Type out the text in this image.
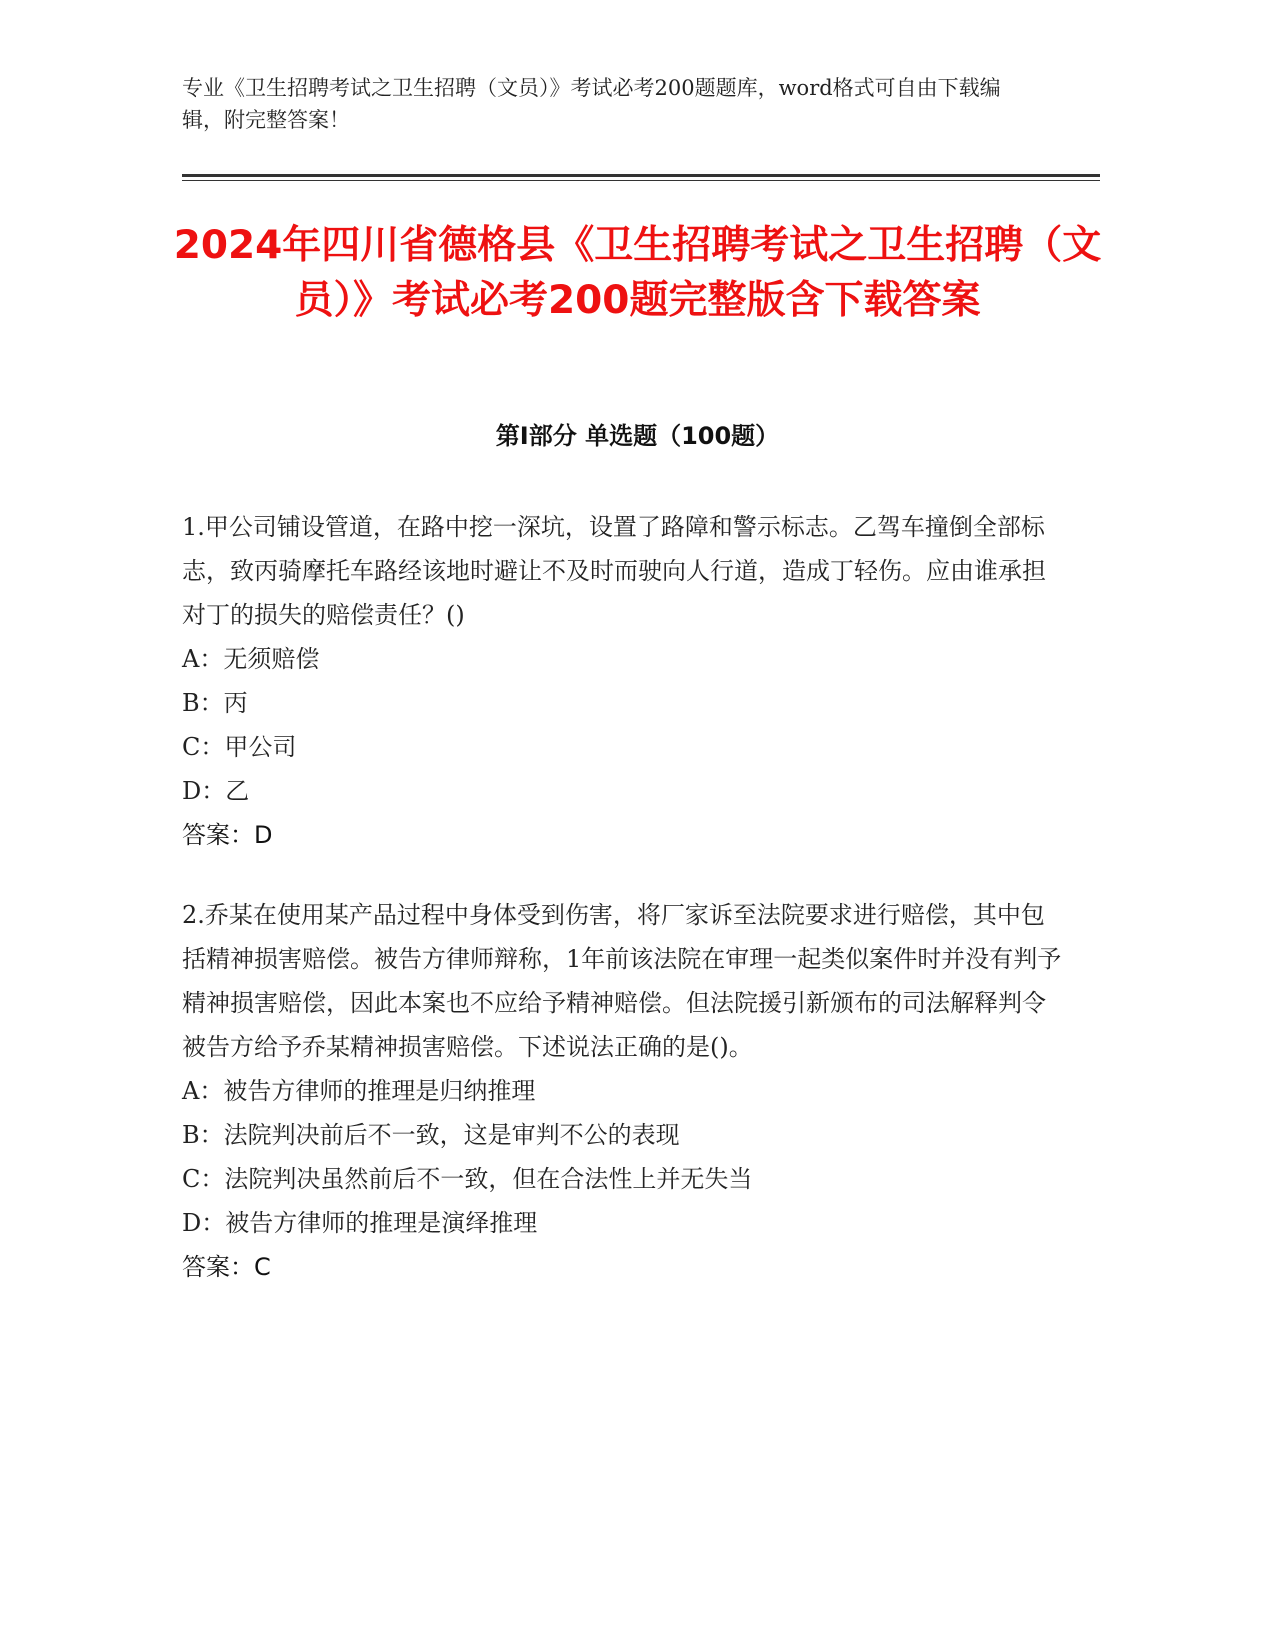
专业《卫生招聘考试之卫生招聘（文员）》考试必考200题题库，word格式可自由下载编辑，附完整答案！

2024年四川省德格县《卫生招聘考试之卫生招聘（文员）》考试必考200题完整版含下载答案
第I部分 单选题（100题）

1.甲公司铺设管道，在路中挖一深坑，设置了路障和警示标志。乙驾车撞倒全部标志，致丙骑摩托车路经该地时避让不及时而驶向人行道，造成丁轻伤。应由谁承担对丁的损失的赔偿责任？()

A：无须赔偿

B：丙

C：甲公司

D：乙

答案：D

2.乔某在使用某产品过程中身体受到伤害，将厂家诉至法院要求进行赔偿，其中包括精神损害赔偿。被告方律师辩称，1年前该法院在审理一起类似案件时并没有判予精神损害赔偿，因此本案也不应给予精神赔偿。但法院援引新颁布的司法解释判令被告方给予乔某精神损害赔偿。下述说法正确的是()。

A：被告方律师的推理是归纳推理

B：法院判决前后不一致，这是审判不公的表现

C：法院判决虽然前后不一致，但在合法性上并无失当

D：被告方律师的推理是演绎推理

答案：C
